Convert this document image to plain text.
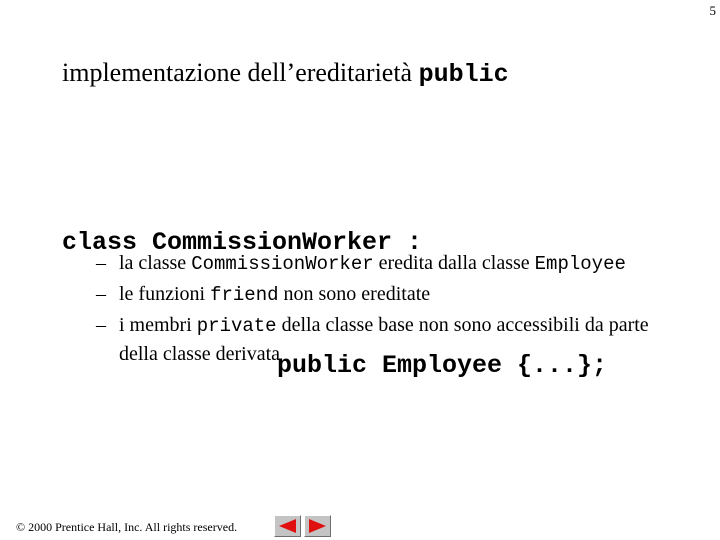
5
implementazione dell’ereditarietà public

class CommissionWorker :

public Employee {...};

– la classe CommissionWorker eredita dalla classe Employee
– le funzioni friend non sono ereditate
– i membri private della classe base non sono accessibili da parte della classe derivata
© 2000 Prentice Hall, Inc. All rights reserved.
